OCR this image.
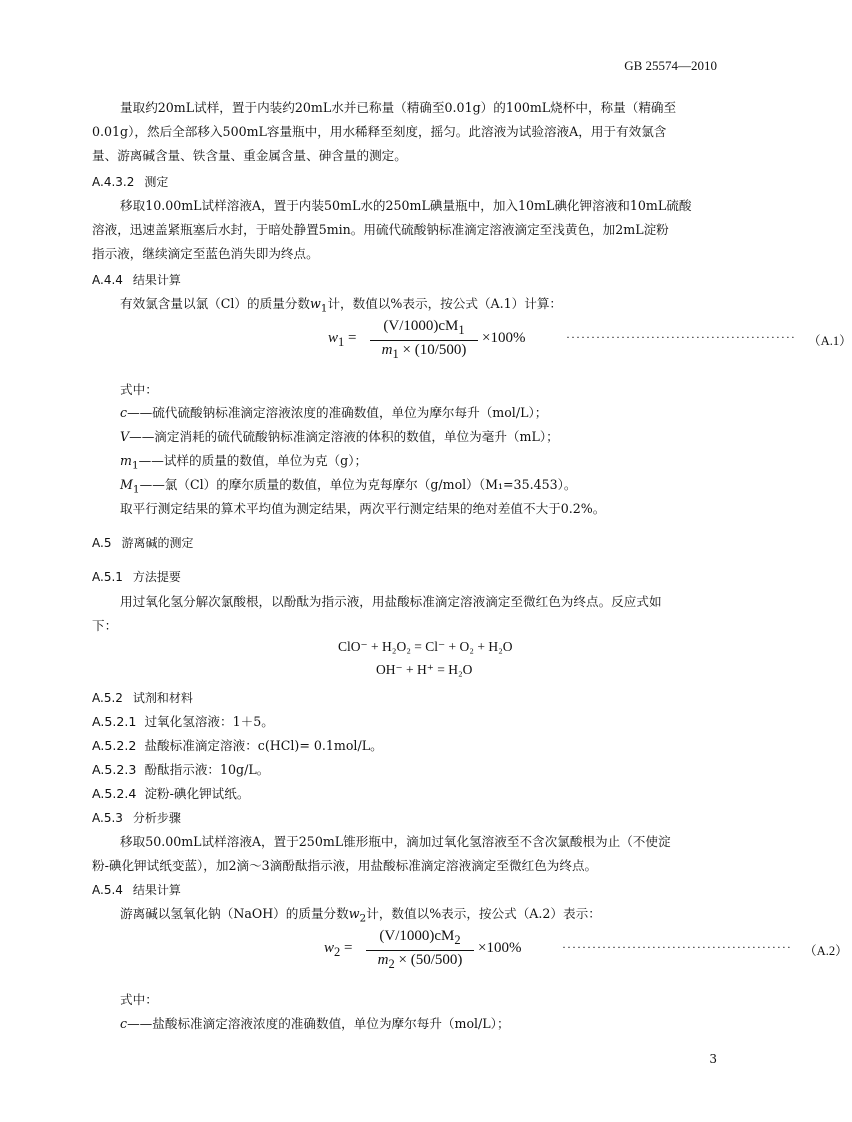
GB 25574—2010
量取约20mL试样，置于内装约20mL水并已称量（精确至0.01g）的100mL烧杯中，称量（精确至
0.01g），然后全部移入500mL容量瓶中，用水稀释至刻度，摇匀。此溶液为试验溶液A，用于有效氯含
量、游离碱含量、铁含量、重金属含量、砷含量的测定。
A.4.3.2 测定
移取10.00mL试样溶液A，置于内装50mL水的250mL碘量瓶中，加入10mL碘化钾溶液和10mL硫酸
溶液，迅速盖紧瓶塞后水封，于暗处静置5min。用硫代硫酸钠标准滴定溶液滴定至浅黄色，加2mL淀粉
指示液，继续滴定至蓝色消失即为终点。
A.4.4 结果计算
有效氯含量以氯（Cl）的质量分数$w_1$计，数值以%表示，按公式（A.1）计算：
$w_1$ =
$(V/1000)cM_1$
$m_1 \times (10/500)$
×100%	·············································· （A.1）
式中：
c——硫代硫酸钠标准滴定溶液浓度的准确数值，单位为摩尔每升（mol/L）；
V——滴定消耗的硫代硫酸钠标准滴定溶液的体积的数值，单位为毫升（mL）；
$m_1——$试样的质量的数值，单位为克（g）；
$M_1——$氯（Cl）的摩尔质量的数值，单位为克每摩尔（g/mol）（M₁=35.453）。
取平行测定结果的算术平均值为测定结果，两次平行测定结果的绝对差值不大于0.2%。
A.5 游离碱的测定
A.5.1 方法提要
用过氧化氢分解次氯酸根，以酚酞为指示液，用盐酸标准滴定溶液滴定至微红色为终点。反应式如
下：
ClO⁻ + H₂O₂ = Cl⁻ + O₂ + H₂O
OH⁻ + H⁺ = H₂O
A.5.2 试剂和材料
A.5.2.1 过氧化氢溶液：1＋5。
A.5.2.2 盐酸标准滴定溶液：c(HCl)= 0.1mol/L。
A.5.2.3 酚酞指示液：10g/L。
A.5.2.4 淀粉-碘化钾试纸。
A.5.3 分析步骤
移取50.00mL试样溶液A，置于250mL锥形瓶中，滴加过氧化氢溶液至不含次氯酸根为止（不使淀
粉-碘化钾试纸变蓝），加2滴～3滴酚酞指示液，用盐酸标准滴定溶液滴定至微红色为终点。
A.5.4 结果计算
游离碱以氢氧化钠（NaOH）的质量分数$w_2$计，数值以%表示，按公式（A.2）表示：
$w_2$ =
$(V/1000)cM_2$
$m_2 \times (50/500)$
×100%	·············································· （A.2）
式中：
c——盐酸标准滴定溶液浓度的准确数值，单位为摩尔每升（mol/L）；
3
